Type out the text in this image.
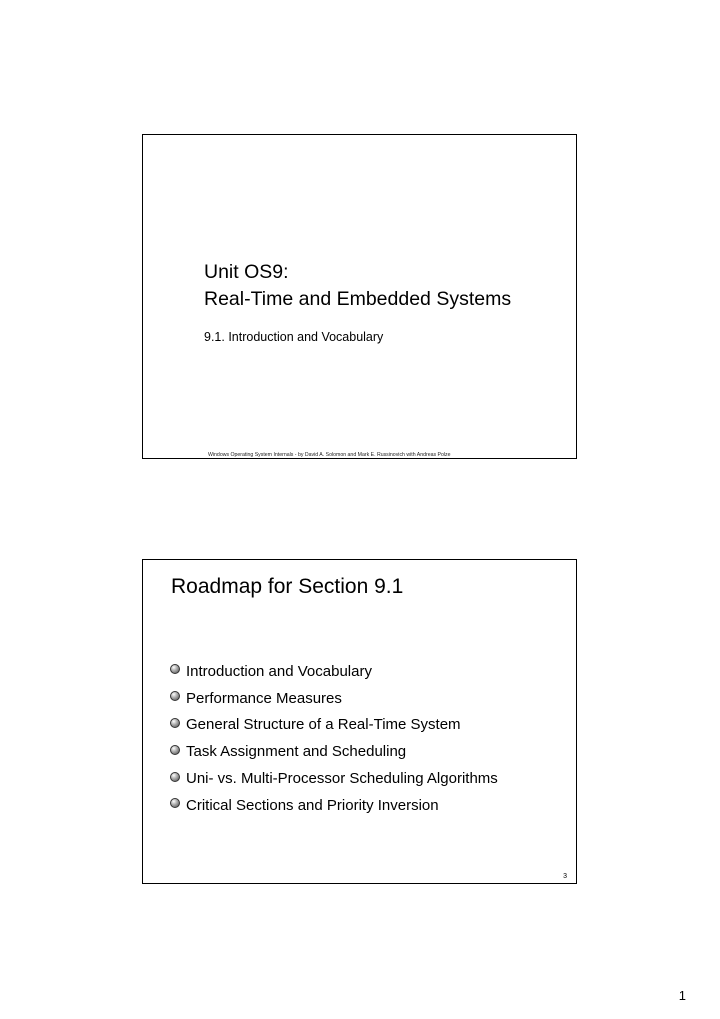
Unit OS9:
Real-Time and Embedded Systems
9.1. Introduction and Vocabulary
Windows Operating System Internals - by David A. Solomon and Mark E. Russinovich with Andreas Polze
Roadmap for Section 9.1
Introduction and Vocabulary
Performance Measures
General Structure of a Real-Time System
Task Assignment and Scheduling
Uni- vs. Multi-Processor Scheduling Algorithms
Critical Sections and Priority Inversion
3
1
